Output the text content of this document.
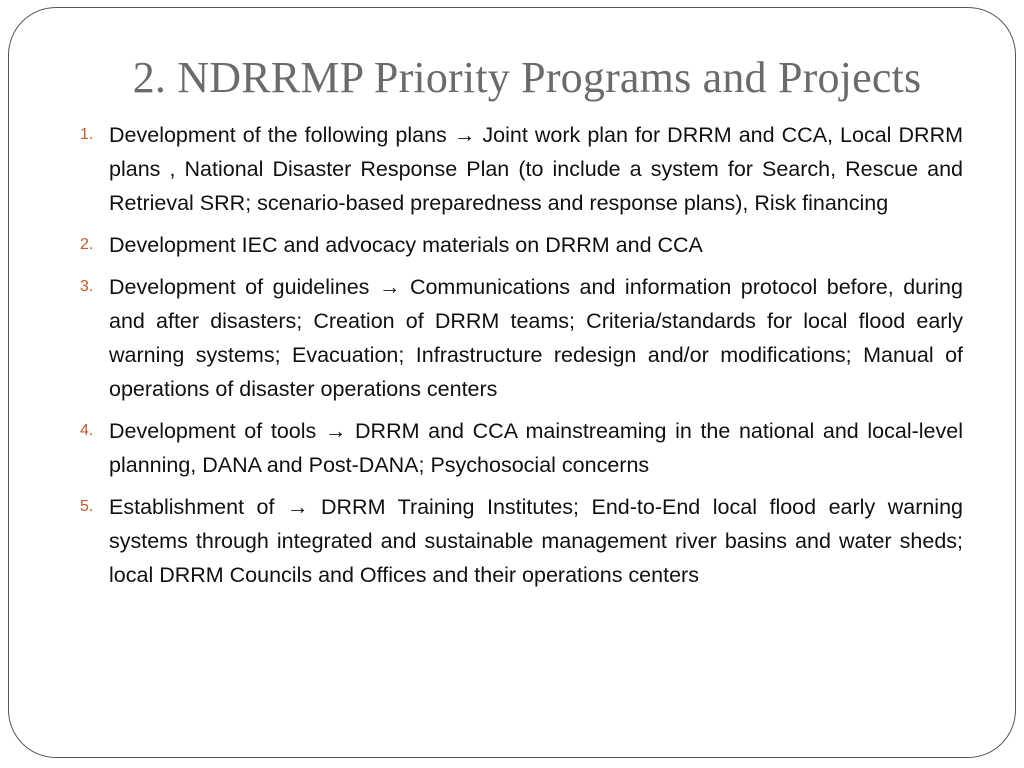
2. NDRRMP Priority Programs and Projects
1. Development of the following plans → Joint work plan for DRRM and CCA, Local DRRM plans , National Disaster Response Plan (to include a system for Search, Rescue and Retrieval SRR; scenario-based preparedness and response plans), Risk financing
2. Development IEC and advocacy materials on DRRM and CCA
3. Development of guidelines → Communications and information protocol before, during and after disasters; Creation of DRRM teams; Criteria/standards for local flood early warning systems; Evacuation; Infrastructure redesign and/or modifications; Manual of operations of disaster operations centers
4. Development of tools → DRRM and CCA mainstreaming in the national and local-level planning, DANA and Post-DANA; Psychosocial concerns
5. Establishment of → DRRM Training Institutes; End-to-End local flood early warning systems through integrated and sustainable management river basins and water sheds; local DRRM Councils and Offices and their operations centers
